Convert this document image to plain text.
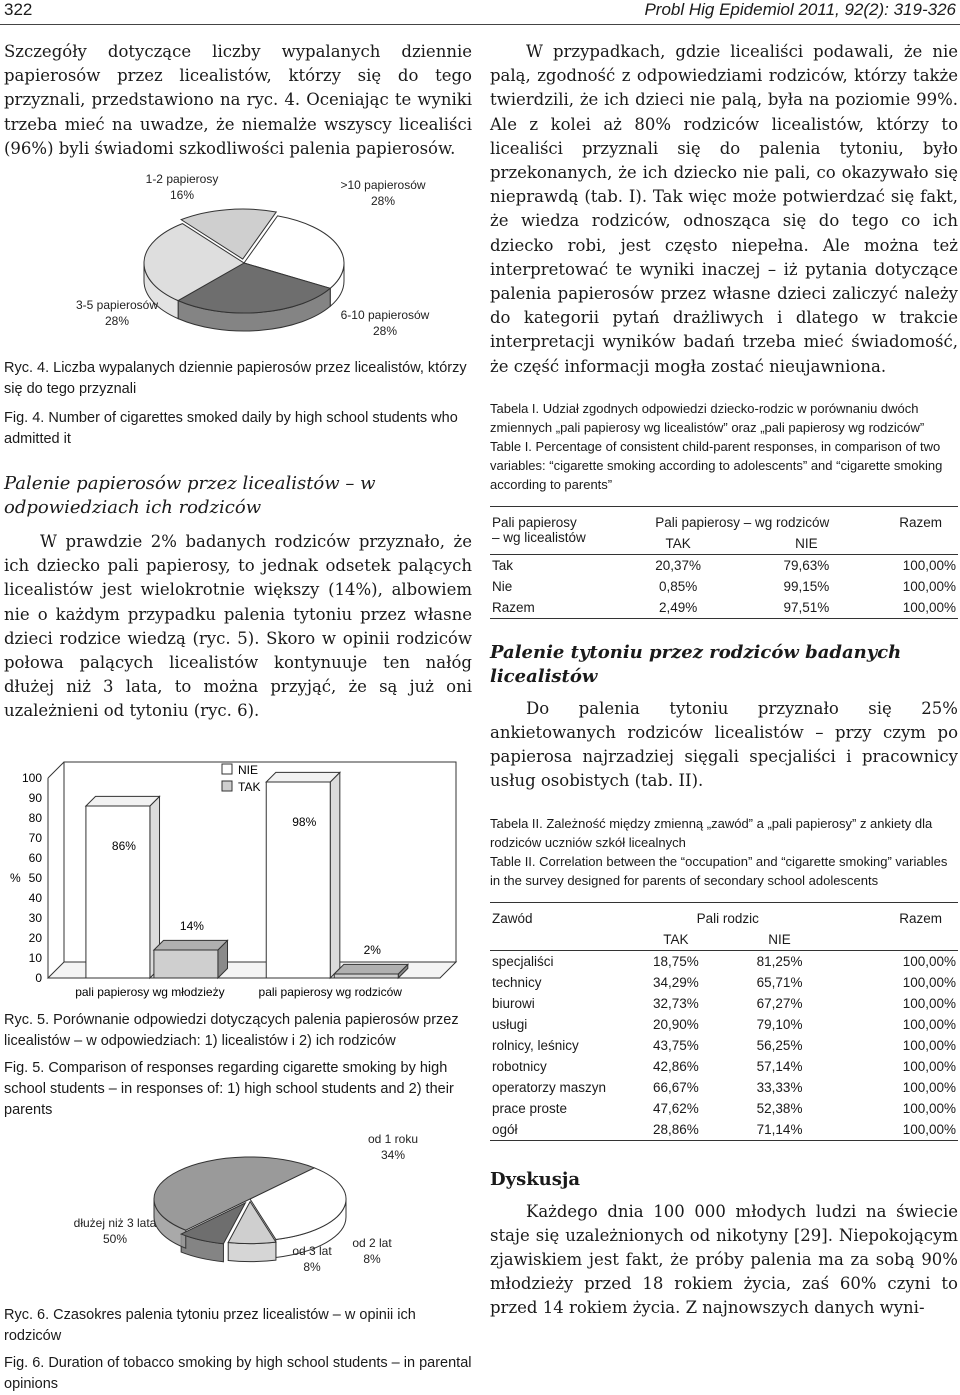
322	Probl Hig Epidemiol 2011, 92(2): 319-326

Szczegóły dotyczące liczby wypalanych dziennie papierosów przez licealistów, którzy się do tego przyznali, przedstawiono na ryc. 4. Oceniając te wyniki trzeba mieć na uwadze, że niemalże wszyscy licealiści (96%) byli świadomi szkodliwości palenia papierosów.

1-2 papierosy
16%
>10 papierosów
28%
3-5 papierosów
28%	6-10 papierosów
28%

Ryc. 4. Liczba wypalanych dziennie papierosów przez licealistów, którzy się do tego przyznali

Fig. 4. Number of cigarettes smoked daily by high school students who admitted it

Palenie papierosów przez licealistów – w odpowiedziach ich rodziców

W prawdzie 2% badanych rodziców przyznało, że ich dziecko pali papierosy, to jednak odsetek palących licealistów jest wielokrotnie większy (14%), albowiem nie o każdym przypadku palenia tytoniu przez własne dzieci rodzice wiedzą (ryc. 5). Skoro w opinii rodziców połowa palących licealistów kontynuuje ten nałóg dłużej niż 3 lata, to można przyjąć, że są już oni uzależnieni od tytoniu (ryc. 6).

%
100
90
80
70
60
50
40
30
20
10
0
86%
14%
pali papierosy wg młodzieży
98%
2%
pali papierosy wg rodziców
NIE
TAK

Ryc. 5. Porównanie odpowiedzi dotyczących palenia papierosów przez licealistów – w odpowiedziach: 1) licealistów i 2) ich rodziców

Fig. 5. Comparison of responses regarding cigarette smoking by high school students – in responses of: 1) high school students and 2) their parents

od 1 roku
34%
dłużej niż 3 lata
50%
od 3 lat
8%
od 2 lat
8%

Ryc. 6. Czasokres palenia tytoniu przez licealistów – w opinii ich rodziców

Fig. 6. Duration of tobacco smoking by high school students – in parental opinions

W przypadkach, gdzie licealiści podawali, że nie palą, zgodność z odpowiedziami rodziców, którzy także twierdzili, że ich dzieci nie palą, była na poziomie 99%. Ale z kolei aż 80% rodziców licealistów, którzy to licealiści przyznali się do palenia tytoniu, było przekonanych, że ich dziecko nie pali, co okazywało się nieprawdą (tab. I). Tak więc może potwierdzać się fakt, że wiedza rodziców, odnosząca się do tego co ich dziecko robi, jest często niepełna. Ale można też interpretować te wyniki inaczej – iż pytania dotyczące palenia papierosów przez własne dzieci zaliczyć należy do kategorii pytań drażliwych i dlatego w trakcie interpretacji wyników badań trzeba mieć świadomość, że część informacji mogła zostać nieujawniona.

Tabela I. Udział zgodnych odpowiedzi dziecko-rodzic w porównaniu dwóch zmiennych „pali papierosy wg licealistów” oraz „pali papierosy wg rodziców”

Table I. Percentage of consistent child-parent responses, in comparison of two variables: “cigarette smoking according to adolescents” and “cigarette smoking according to parents”

Pali papierosy
– wg licealistów	Pali papierosy – wg rodziców		Razem
	TAK	NIE	
Tak	20,37%	79,63%	100,00%
Nie	0,85%	99,15%	100,00%
Razem	2,49%	97,51%	100,00%

Palenie tytoniu przez rodziców badanych licealistów

Do palenia tytoniu przyznało się 25% ankietowanych rodziców licealistów – przy czym po papierosa najrzadziej sięgali specjaliści i pracownicy usług osobistych (tab. II).

Tabela II. Zależność między zmienną „zawód” a „pali papierosy” z ankiety dla rodziców uczniów szkół licealnych

Table II. Correlation between the “occupation” and “cigarette smoking” variables in the survey designed for parents of secondary school adolescents

Zawód	Pali rodzic		Razem
	TAK	NIE	
specjaliści	18,75%	81,25%	100,00%
technicy	34,29%	65,71%	100,00%
biurowi	32,73%	67,27%	100,00%
usługi	20,90%	79,10%	100,00%
rolnicy, leśnicy	43,75%	56,25%	100,00%
robotnicy	42,86%	57,14%	100,00%
operatorzy maszyn	66,67%	33,33%	100,00%
prace proste	47,62%	52,38%	100,00%
ogół	28,86%	71,14%	100,00%

Dyskusja

Każdego dnia 100 000 młodych ludzi na świecie staje się uzależnionych od nikotyny [29]. Niepokojącym zjawiskiem jest fakt, że próby palenia ma za sobą 90% młodzieży przed 18 rokiem życia, zaś 60% czyni to przed 14 rokiem życia. Z najnowszych danych wyni-
